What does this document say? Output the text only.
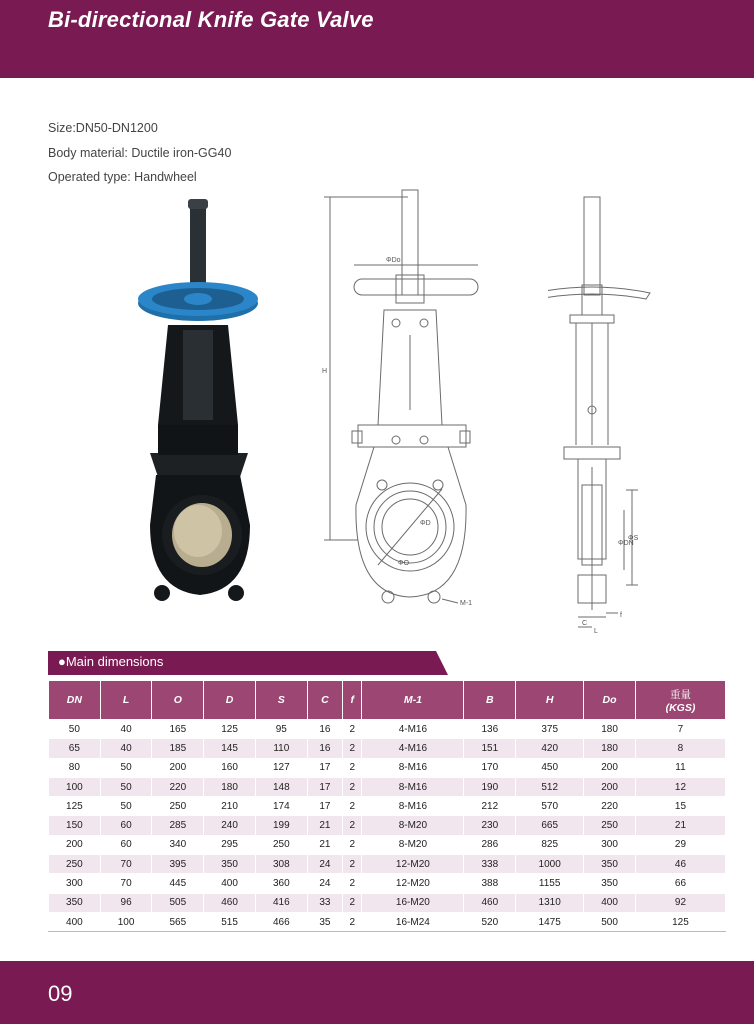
Bi-directional Knife Gate Valve
Size:DN50-DN1200
Body material: Ductile iron-GG40
Operated type: Handwheel
ΦDo
H
ΦD
ΦO
M-1
ΦDN
ΦS
C
L
f
●Main dimensions
DN	L	O	D	S	C	f	M-1	B	H	Do	重量
(KGS)

50	40	165	125	95	16	2	4-M16	136	375	180	7
65	40	185	145	110	16	2	4-M16	151	420	180	8
80	50	200	160	127	17	2	8-M16	170	450	200	11
100	50	220	180	148	17	2	8-M16	190	512	200	12
125	50	250	210	174	17	2	8-M16	212	570	220	15
150	60	285	240	199	21	2	8-M20	230	665	250	21
200	60	340	295	250	21	2	8-M20	286	825	300	29
250	70	395	350	308	24	2	12-M20	338	1000	350	46
300	70	445	400	360	24	2	12-M20	388	1155	350	66
350	96	505	460	416	33	2	16-M20	460	1310	400	92
400	100	565	515	466	35	2	16-M24	520	1475	500	125
09
